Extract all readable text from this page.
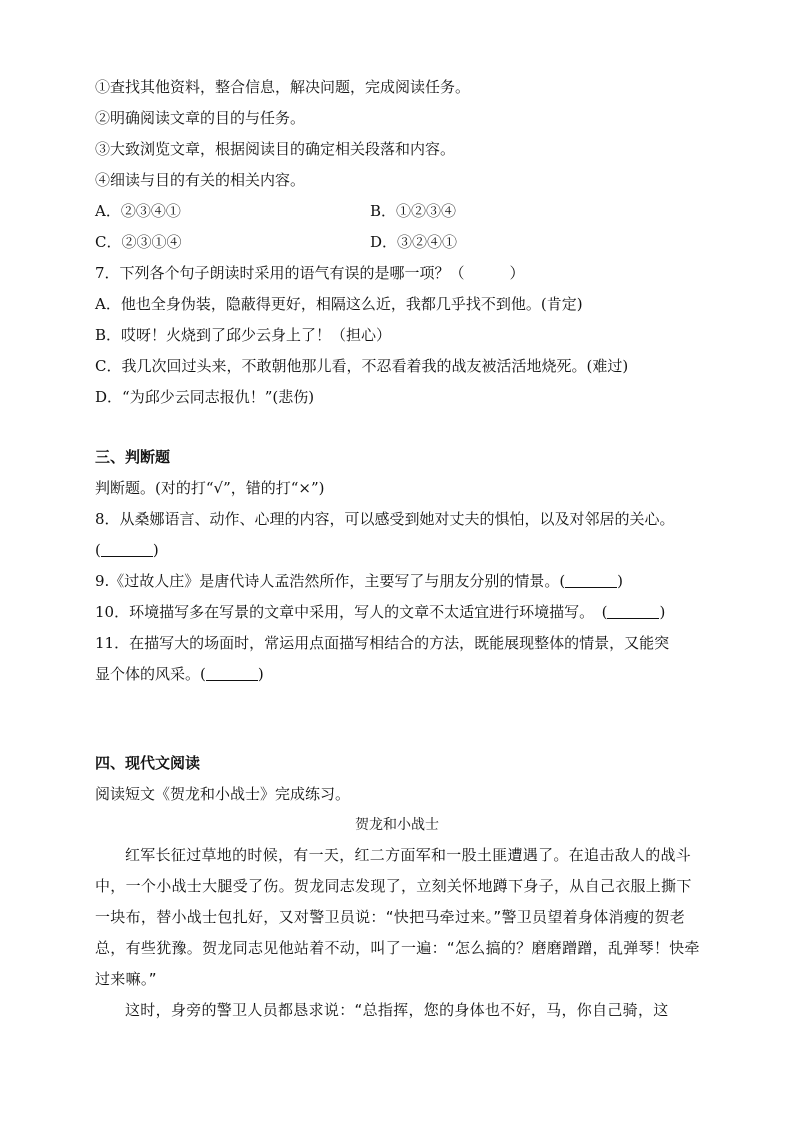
①查找其他资料，整合信息，解决问题，完成阅读任务。
②明确阅读文章的目的与任务。
③大致浏览文章，根据阅读目的确定相关段落和内容。
④细读与目的有关的相关内容。
A．②③④①	B．①②③④
C．②③①④	D．③②④①
7．下列各个句子朗读时采用的语气有误的是哪一项？（　　　）
A．他也全身伪装，隐蔽得更好，相隔这么近，我都几乎找不到他。(肯定)
B．哎呀！火烧到了邱少云身上了！（担心）
C．我几次回过头来，不敢朝他那儿看，不忍看着我的战友被活活地烧死。(难过)
D．“为邱少云同志报仇！”(悲伤)
三、判断题
判断题。(对的打“√”，错的打“×”)
8．从桑娜语言、动作、心理的内容，可以感受到她对丈夫的惧怕，以及对邻居的关心。
(	)
9.《过故人庄》是唐代诗人孟浩然所作，主要写了与朋友分别的情景。(	)
10．环境描写多在写景的文章中采用，写人的文章不太适宜进行环境描写。　(	)
11．在描写大的场面时，常运用点面描写相结合的方法，既能展现整体的情景，又能突
显个体的风采。(	)
四、现代文阅读
阅读短文《贺龙和小战士》完成练习。
贺龙和小战士

红军长征过草地的时候，有一天，红二方面军和一股土匪遭遇了。在追击敌人的战斗中，一个小战士大腿受了伤。贺龙同志发现了，立刻关怀地蹲下身子，从自己衣服上撕下一块布，替小战士包扎好，又对警卫员说：“快把马牵过来。”警卫员望着身体消瘦的贺老总，有些犹豫。贺龙同志见他站着不动，叫了一遍：“怎么搞的？磨磨蹭蹭，乱弹琴！快牵过来嘛。”

这时，身旁的警卫人员都恳求说：“总指挥，您的身体也不好，马，你自己骑，这
